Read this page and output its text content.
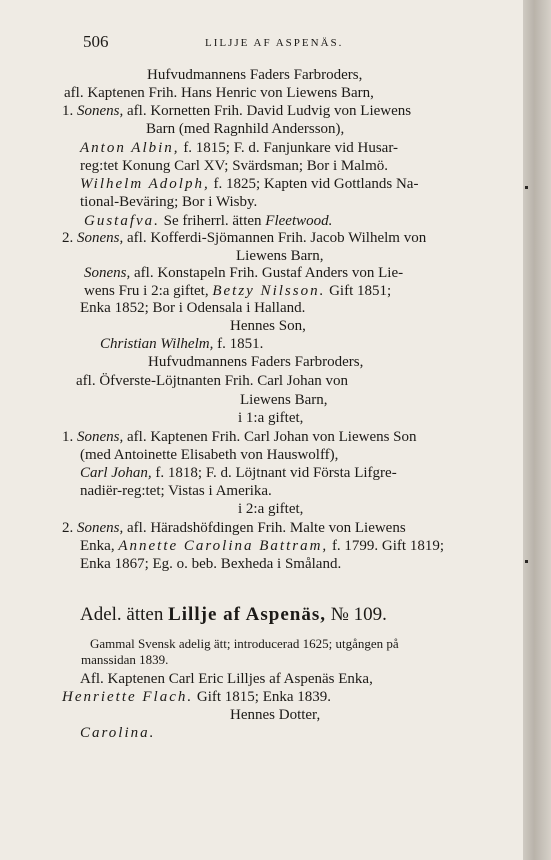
506	LILJJE AF ASPENÄS.
Hufvudmannens Faders Farbroders,
afl. Kaptenen Frih. Hans Henric von Liewens Barn,
1. Sonens, afl. Kornetten Frih. David Ludvig von Liewens
Barn (med Ragnhild Andersson),
Anton Albin, f. 1815; F. d. Fanjunkare vid Husar-
reg:tet Konung Carl XV; Svärdsman; Bor i Malmö.
Wilhelm Adolph, f. 1825; Kapten vid Gottlands Na-
tional-Beväring; Bor i Wisby.
Gustafva. Se friherrl. ätten Fleetwood.
2. Sonens, afl. Kofferdi-Sjömannen Frih. Jacob Wilhelm von
Liewens Barn,
Sonens, afl. Konstapeln Frih. Gustaf Anders von Lie-
wens Fru i 2:a giftet, Betzy Nilsson. Gift 1851;
Enka 1852; Bor i Odensala i Halland.
Hennes Son,
Christian Wilhelm, f. 1851.
Hufvudmannens Faders Farbroders,
afl. Öfverste-Löjtnanten Frih. Carl Johan von
Liewens Barn,
i 1:a giftet,
1. Sonens, afl. Kaptenen Frih. Carl Johan von Liewens Son
(med Antoinette Elisabeth von Hauswolff),
Carl Johan, f. 1818; F. d. Löjtnant vid Första Lifgre-
nadiër-reg:tet; Vistas i Amerika.
i 2:a giftet,
2. Sonens, afl. Häradshöfdingen Frih. Malte von Liewens
Enka, Annette Carolina Battram, f. 1799. Gift 1819;
Enka 1867; Eg. o. beb. Bexheda i Småland.
Adel. ätten Lillje af Aspenäs, № 109.
Gammal Svensk adelig ätt; introducerad 1625; utgången på
manssidan 1839.
Afl. Kaptenen Carl Eric Lilljes af Aspenäs Enka,
Henriette Flach. Gift 1815; Enka 1839.
Hennes Dotter,
Carolina.
